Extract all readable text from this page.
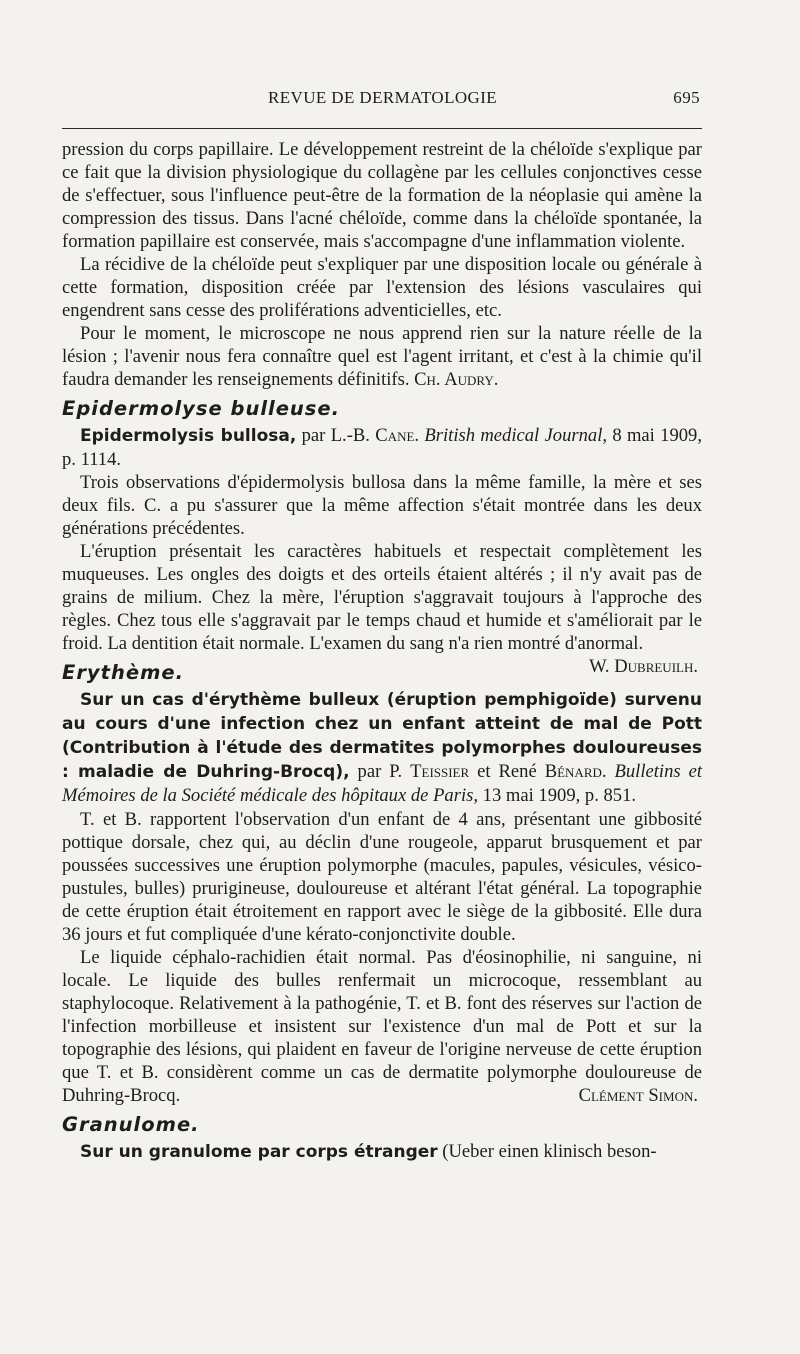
REVUE DE DERMATOLOGIE	695

pression du corps papillaire. Le développement restreint de la chéloïde s'explique par ce fait que la division physiologique du collagène par les cellules conjonctives cesse de s'effectuer, sous l'influence peut-être de la formation de la néoplasie qui amène la compression des tissus. Dans l'acné chéloïde, comme dans la chéloïde spontanée, la formation papillaire est conservée, mais s'accompagne d'une inflammation violente.

La récidive de la chéloïde peut s'expliquer par une disposition locale ou générale à cette formation, disposition créée par l'extension des lésions vasculaires qui engendrent sans cesse des proliférations adventicielles, etc.

Pour le moment, le microscope ne nous apprend rien sur la nature réelle de la lésion ; l'avenir nous fera connaître quel est l'agent irritant, et c'est à la chimie qu'il faudra demander les renseignements définitifs. Ch. Audry.

Epidermolyse bulleuse.

Epidermolysis bullosa, par L.-B. Cane. British medical Journal, 8 mai 1909, p. 1114.

Trois observations d'épidermolysis bullosa dans la même famille, la mère et ses deux fils. C. a pu s'assurer que la même affection s'était montrée dans les deux générations précédentes.

L'éruption présentait les caractères habituels et respectait complètement les muqueuses. Les ongles des doigts et des orteils étaient altérés ; il n'y avait pas de grains de milium. Chez la mère, l'éruption s'aggravait toujours à l'approche des règles. Chez tous elle s'aggravait par le temps chaud et humide et s'améliorait par le froid. La dentition était normale. L'examen du sang n'a rien montré d'anormal.
W. Dubreuilh.

Erythème.

Sur un cas d'érythème bulleux (éruption pemphigoïde) survenu au cours d'une infection chez un enfant atteint de mal de Pott (Contribution à l'étude des dermatites polymorphes douloureuses : maladie de Duhring-Brocq), par P. Teissier et René Bénard. Bulletins et Mémoires de la Société médicale des hôpitaux de Paris, 13 mai 1909, p. 851.

T. et B. rapportent l'observation d'un enfant de 4 ans, présentant une gibbosité pottique dorsale, chez qui, au déclin d'une rougeole, apparut brusquement et par poussées successives une éruption polymorphe (macules, papules, vésicules, vésico-pustules, bulles) prurigineuse, douloureuse et altérant l'état général. La topographie de cette éruption était étroitement en rapport avec le siège de la gibbosité. Elle dura 36 jours et fut compliquée d'une kérato-conjonctivite double.

Le liquide céphalo-rachidien était normal. Pas d'éosinophilie, ni sanguine, ni locale. Le liquide des bulles renfermait un microcoque, ressemblant au staphylocoque. Relativement à la pathogénie, T. et B. font des réserves sur l'action de l'infection morbilleuse et insistent sur l'existence d'un mal de Pott et sur la topographie des lésions, qui plaident en faveur de l'origine nerveuse de cette éruption que T. et B. considèrent comme un cas de dermatite polymorphe douloureuse de Duhring-Brocq.	Clément Simon.

Granulome.

Sur un granulome par corps étranger (Ueber einen klinisch beson-
